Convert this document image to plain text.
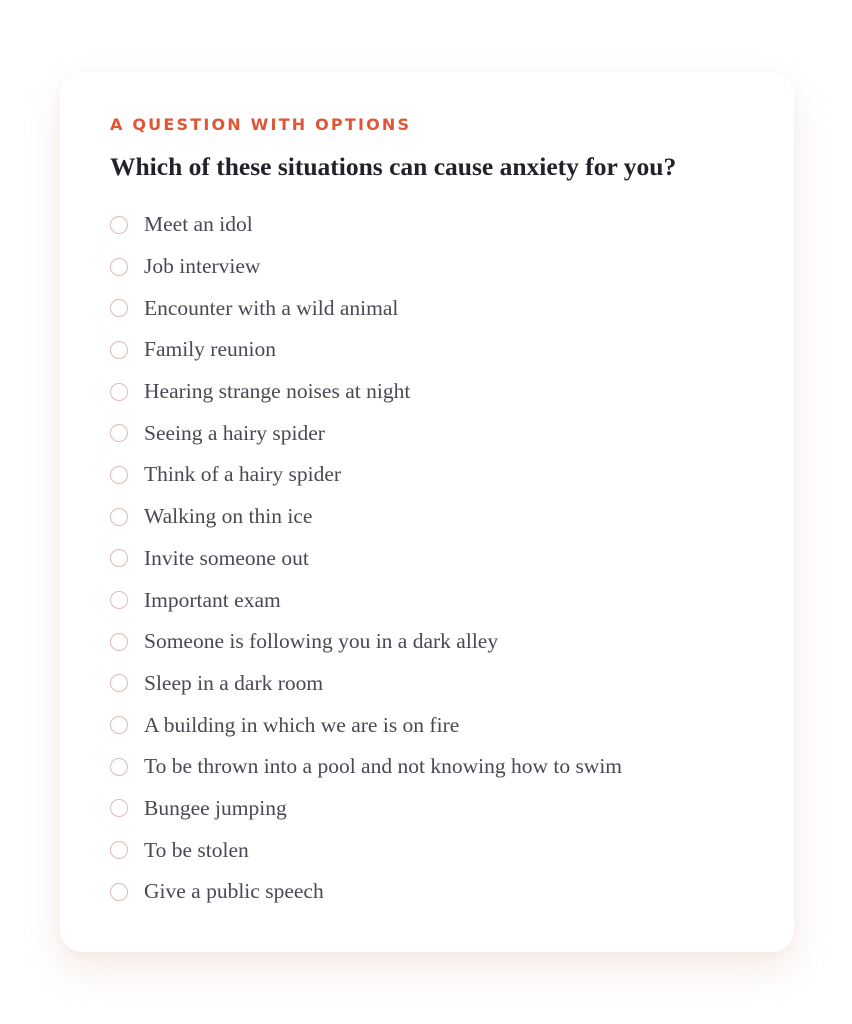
A QUESTION WITH OPTIONS

Which of these situations can cause anxiety for you?
Meet an idol
Job interview
Encounter with a wild animal
Family reunion
Hearing strange noises at night
Seeing a hairy spider
Think of a hairy spider
Walking on thin ice
Invite someone out
Important exam
Someone is following you in a dark alley
Sleep in a dark room
A building in which we are is on fire
To be thrown into a pool and not knowing how to swim
Bungee jumping
To be stolen
Give a public speech
